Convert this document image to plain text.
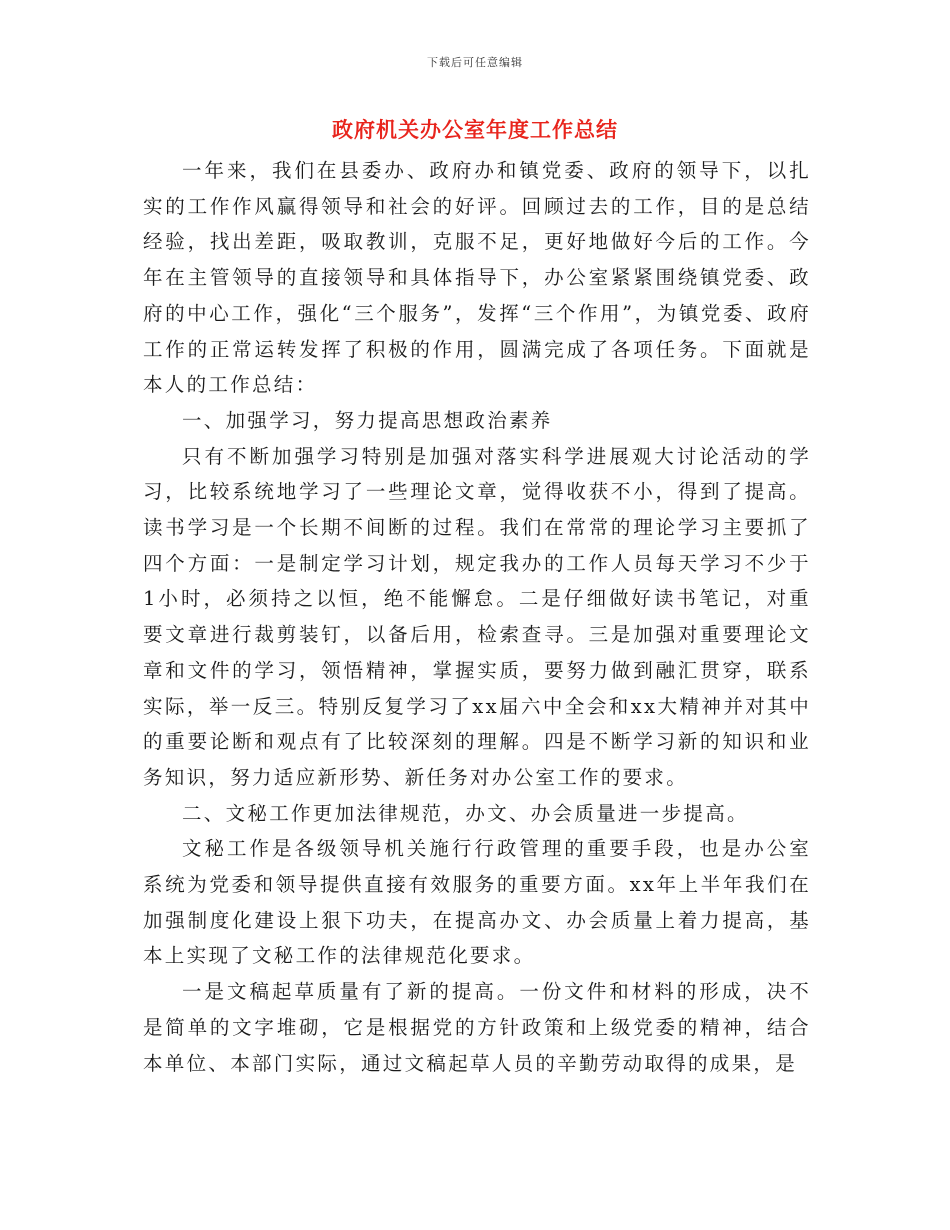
下载后可任意编辑
政府机关办公室年度工作总结

一年来，我们在县委办、政府办和镇党委、政府的领导下，以扎实的工作作风赢得领导和社会的好评。回顾过去的工作，目的是总结经验，找出差距，吸取教训，克服不足，更好地做好今后的工作。今年在主管领导的直接领导和具体指导下，办公室紧紧围绕镇党委、政府的中心工作，强化“三个服务”，发挥“三个作用”，为镇党委、政府工作的正常运转发挥了积极的作用，圆满完成了各项任务。下面就是本人的工作总结：

一、加强学习，努力提高思想政治素养

只有不断加强学习特别是加强对落实科学进展观大讨论活动的学习，比较系统地学习了一些理论文章，觉得收获不小，得到了提高。读书学习是一个长期不间断的过程。我们在常常的理论学习主要抓了四个方面：一是制定学习计划，规定我办的工作人员每天学习不少于1小时，必须持之以恒，绝不能懈怠。二是仔细做好读书笔记，对重要文章进行裁剪装钉，以备后用，检索查寻。三是加强对重要理论文章和文件的学习，领悟精神，掌握实质，要努力做到融汇贯穿，联系实际，举一反三。特别反复学习了xx届六中全会和xx大精神并对其中的重要论断和观点有了比较深刻的理解。四是不断学习新的知识和业务知识，努力适应新形势、新任务对办公室工作的要求。

二、文秘工作更加法律规范，办文、办会质量进一步提高。

文秘工作是各级领导机关施行行政管理的重要手段，也是办公室系统为党委和领导提供直接有效服务的重要方面。xx年上半年我们在加强制度化建设上狠下功夫，在提高办文、办会质量上着力提高，基本上实现了文秘工作的法律规范化要求。

一是文稿起草质量有了新的提高。一份文件和材料的形成，决不是简单的文字堆砌，它是根据党的方针政策和上级党委的精神，结合本单位、本部门实际，通过文稿起草人员的辛勤劳动取得的成果，是
